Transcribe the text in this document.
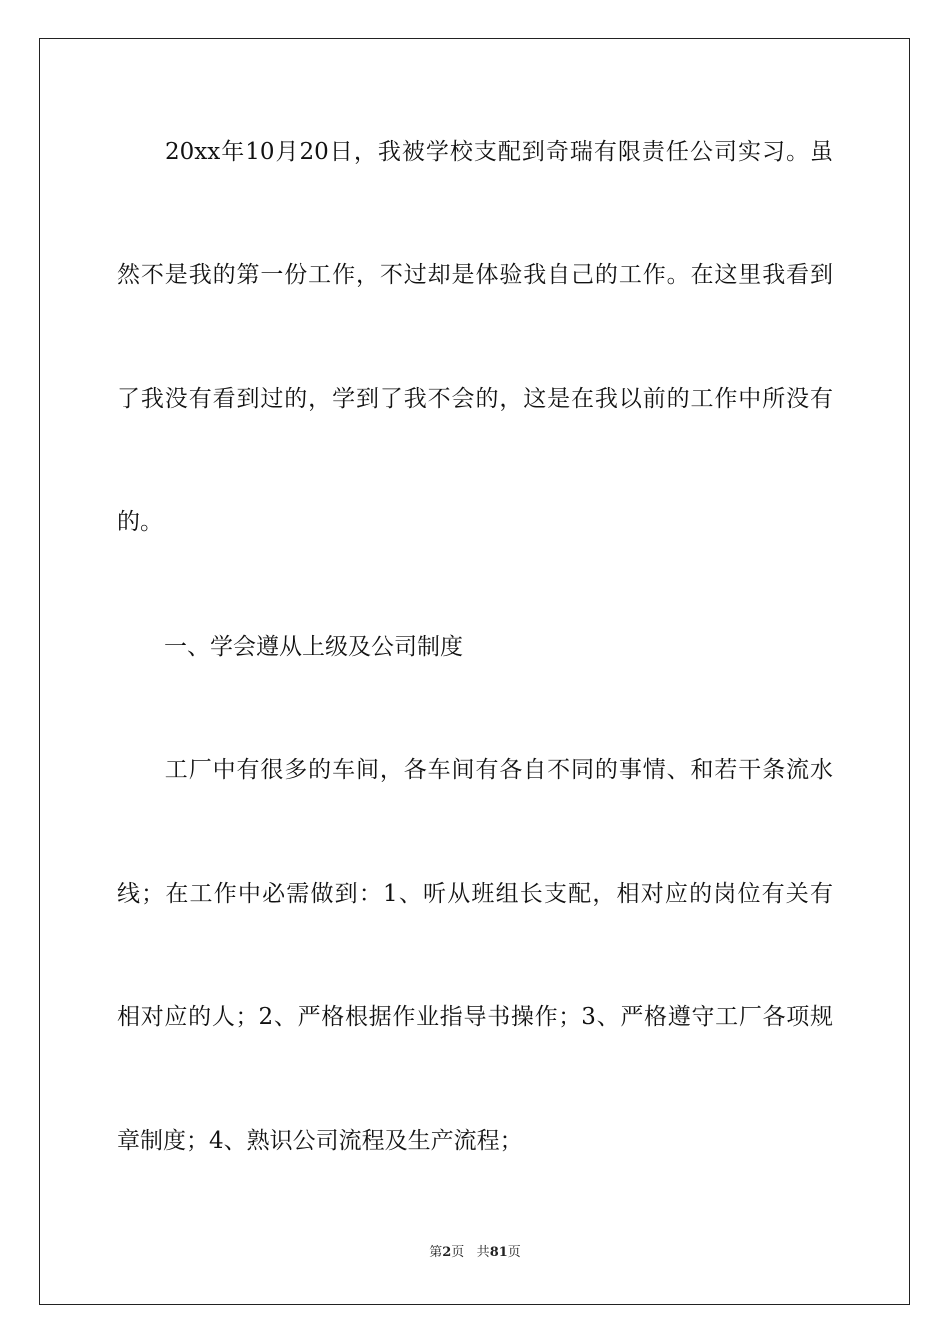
　　20xx年10月20日，我被学校支配到奇瑞有限责任公司实习。虽
然不是我的第一份工作，不过却是体验我自己的工作。在这里我看到
了我没有看到过的，学到了我不会的，这是在我以前的工作中所没有
的。
一、学会遵从上级及公司制度
　　工厂中有很多的车间，各车间有各自不同的事情、和若干条流水
线；在工作中必需做到：1、听从班组长支配，相对应的岗位有关有
相对应的人；2、严格根据作业指导书操作；3、严格遵守工厂各项规
章制度；4、熟识公司流程及生产流程；
第2页 共81页
